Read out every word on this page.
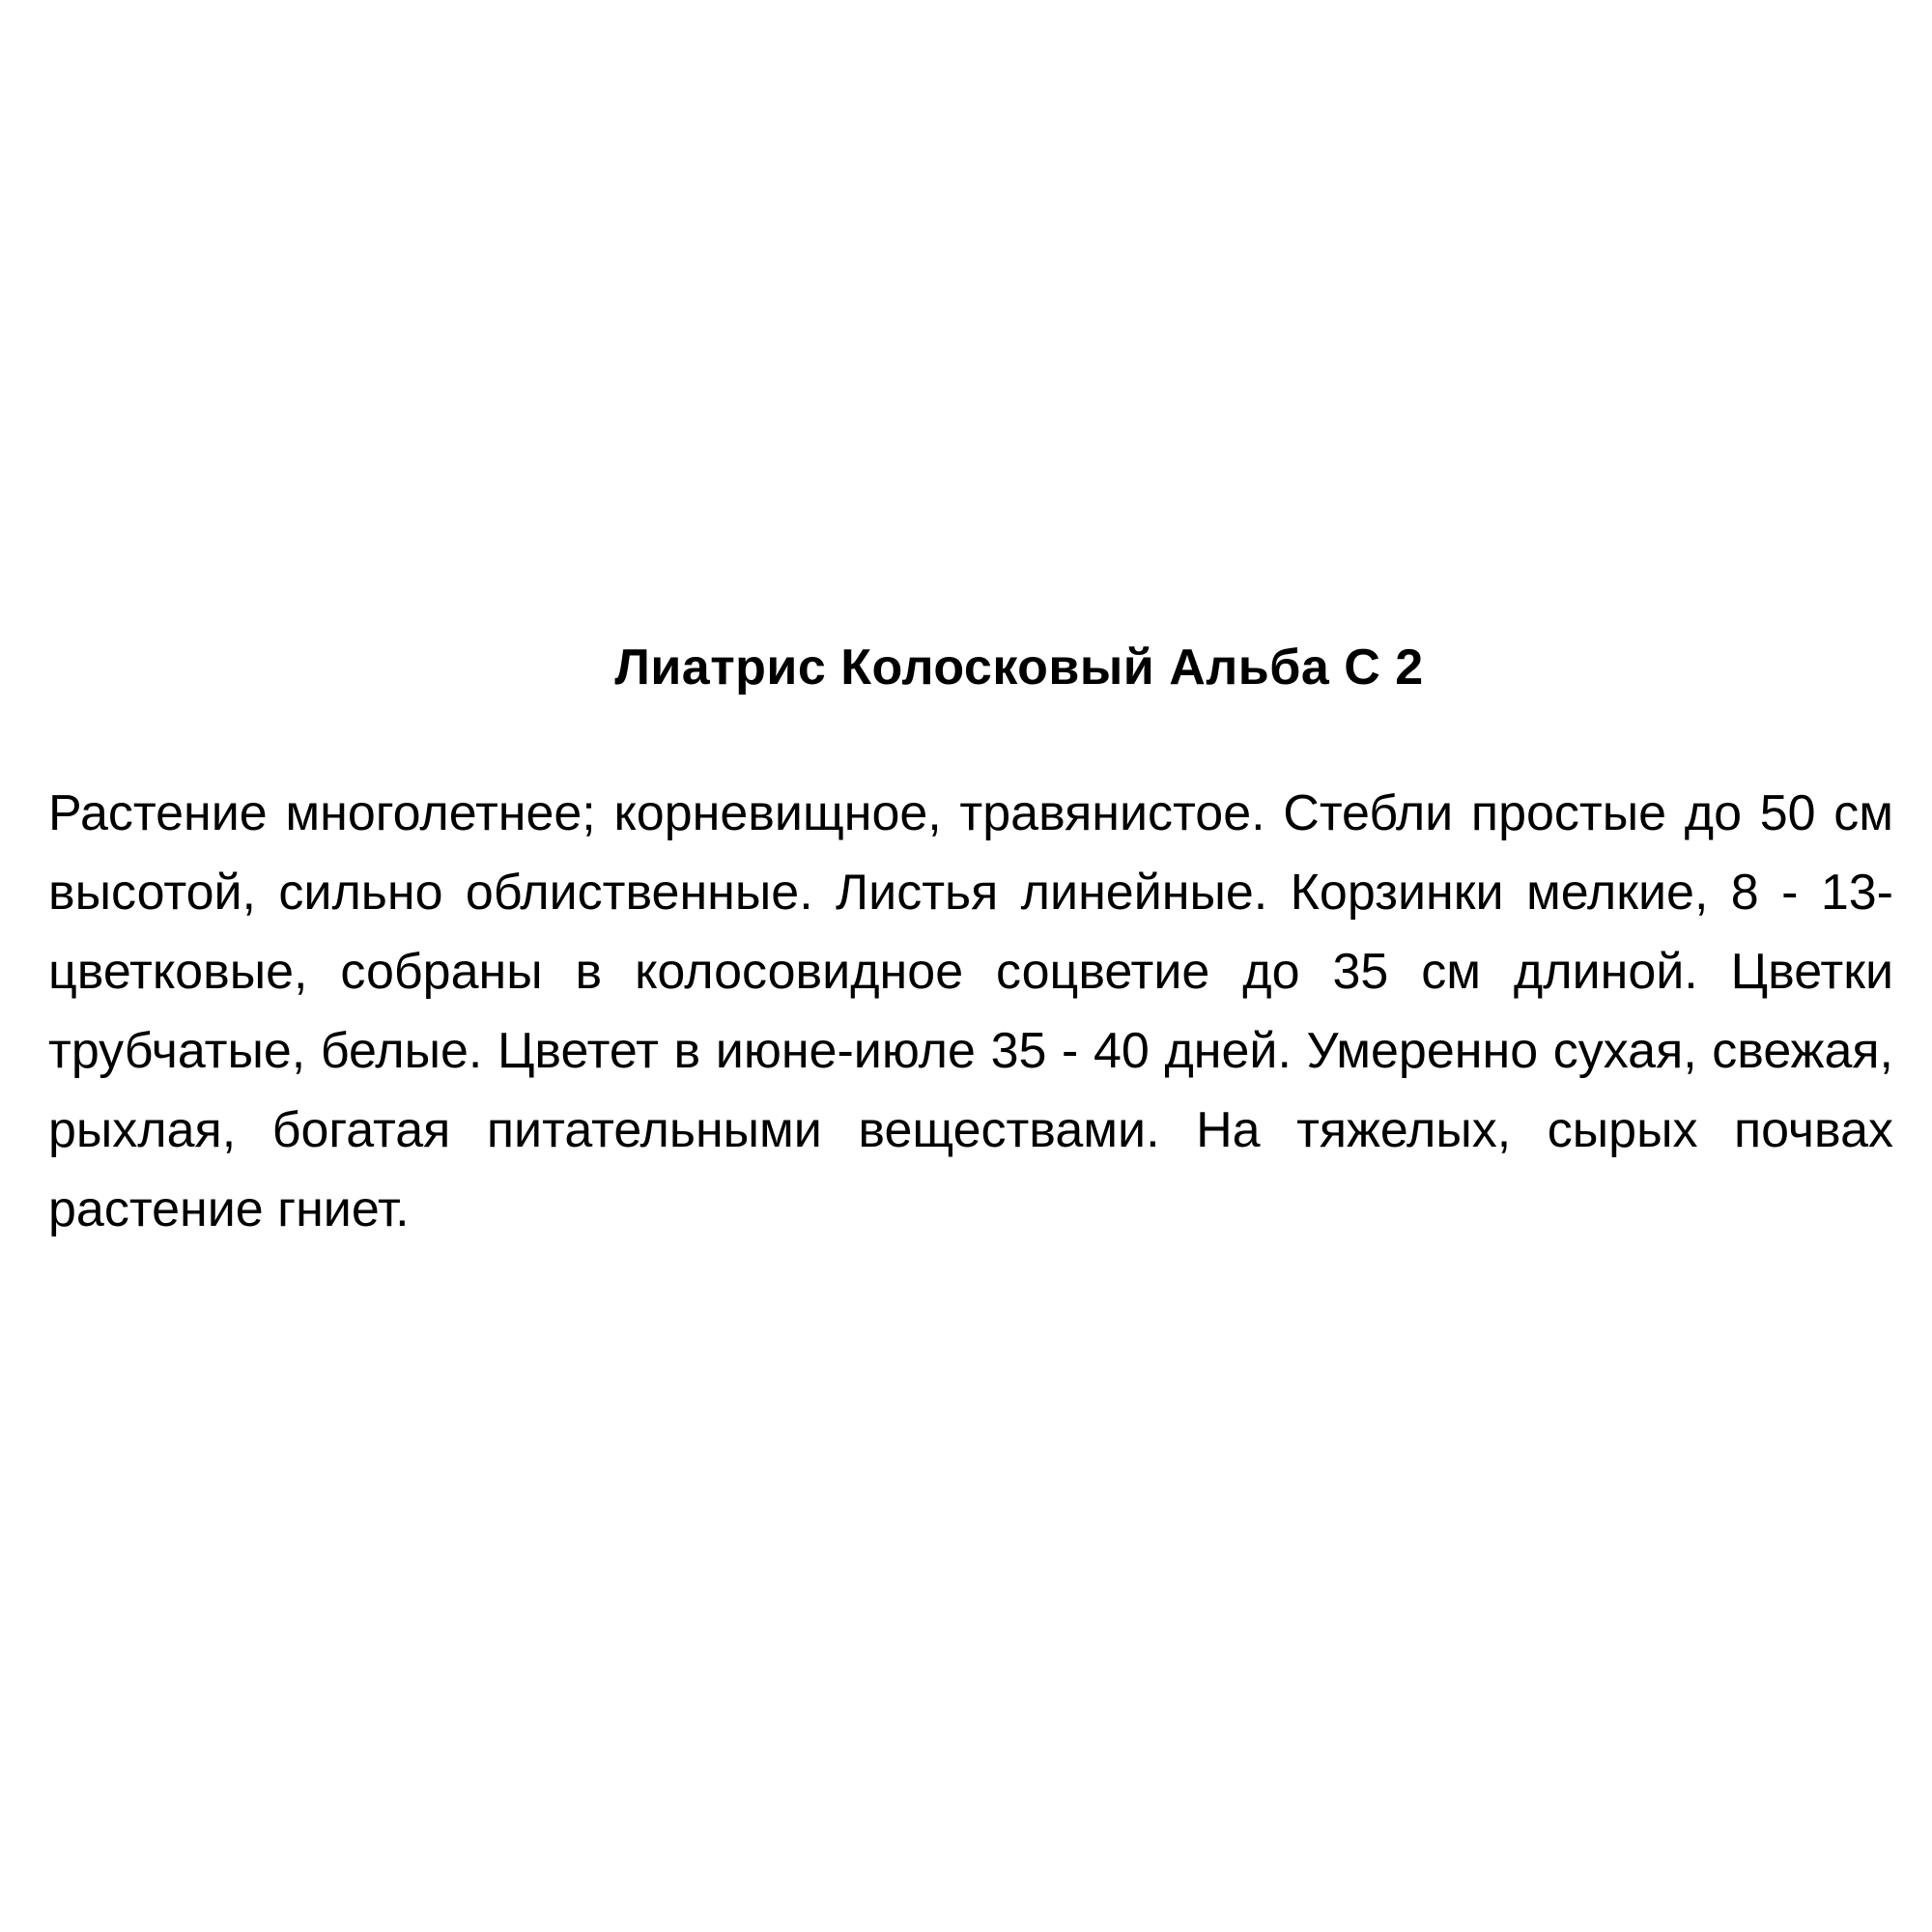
Лиатрис Колосковый Альба С 2

Растение многолетнее; корневищное, травянистое. Стебли простые до 50 см высотой, сильно облиственные. Листья линейные. Корзинки мелкие, 8 - 13-цветковые, собраны в колосовидное соцветие до 35 см длиной. Цветки трубчатые, белые. Цветет в июне-июле 35 - 40 дней. Умеренно сухая, свежая, рыхлая, богатая питательными веществами. На тяжелых, сырых почвах растение гниет.
